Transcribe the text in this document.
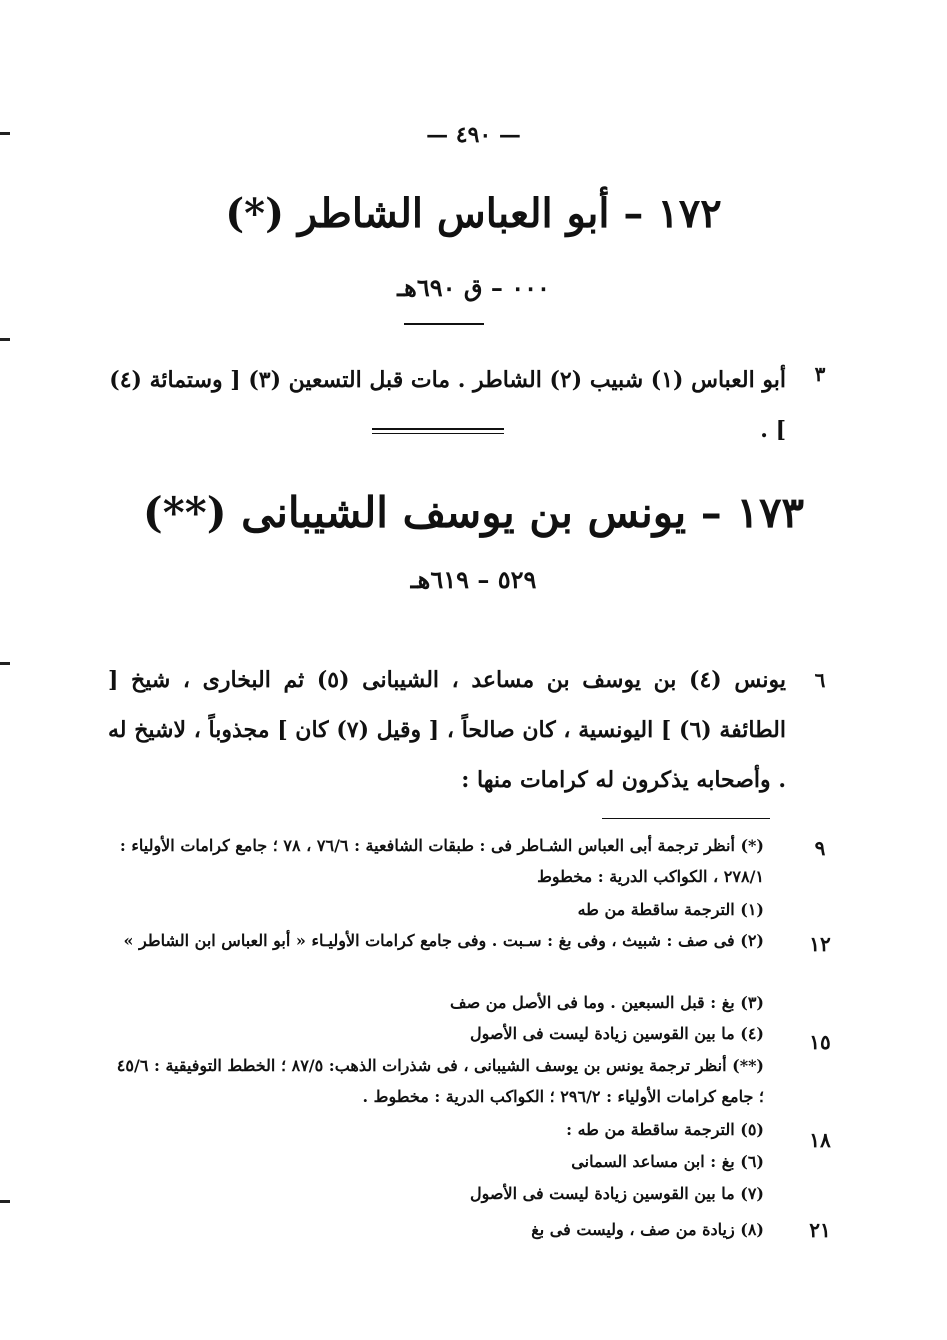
— ٤٩٠ —
١٧٢ – أبو العباس الشاطر (*)
٠٠٠ – ق ٦٩٠هـ
٣
أبو العباس (١) شبيب (٢) الشاطر . مات قبل التسعين (٣) [ وستمائة (٤) ] .
١٧٣ – يونس بن يوسف الشيبانى (**)
٥٢٩ – ٦١٩هـ
٦
يونس (٤) بن يوسف بن مساعد ، الشيبانى (٥) ثم البخارى ، شيخ [ الطائفة (٦) ] اليونسية ، كان صالحاً ، [ وقيل (٧) كان ] مجذوباً ، لاشيخ له . وأصحابه يذكرون له كرامات منها :
٩
(*) أنظر ترجمة أبى العباس الشـاطر فى : طبقات الشافعية : ٧٦/٦ ، ٧٨ ؛ جامع كرامات الأولياء : ٢٧٨/١ ، الكواكب الدرية : مخطوط
(١) الترجمة ساقطة من طه
١٢
(٢) فى صف : شبيث ، وفى بغ : سـبت . وفى جامع كرامات الأوليـاء « أبو العباس ابن الشاطر »
(٣) بغ : قبل السبعين . وما فى الأصل من صف
١٥
(٤) ما بين القوسين زيادة ليست فى الأصول
(**) أنظر ترجمة يونس بن يوسف الشيبانى ، فى شذرات الذهب: ٨٧/٥ ؛ الخطط التوفيقية : ٤٥/٦ ؛ جامع كرامات الأولياء : ٢٩٦/٢ ؛ الكواكب الدرية : مخطوط .
١٨
(٥) الترجمة ساقطة من طه :
(٦) بغ : ابن مساعد السمانى
(٧) ما بين القوسين زيادة ليست فى الأصول
٢١
(٨) زيادة من صف ، وليست فى بغ
